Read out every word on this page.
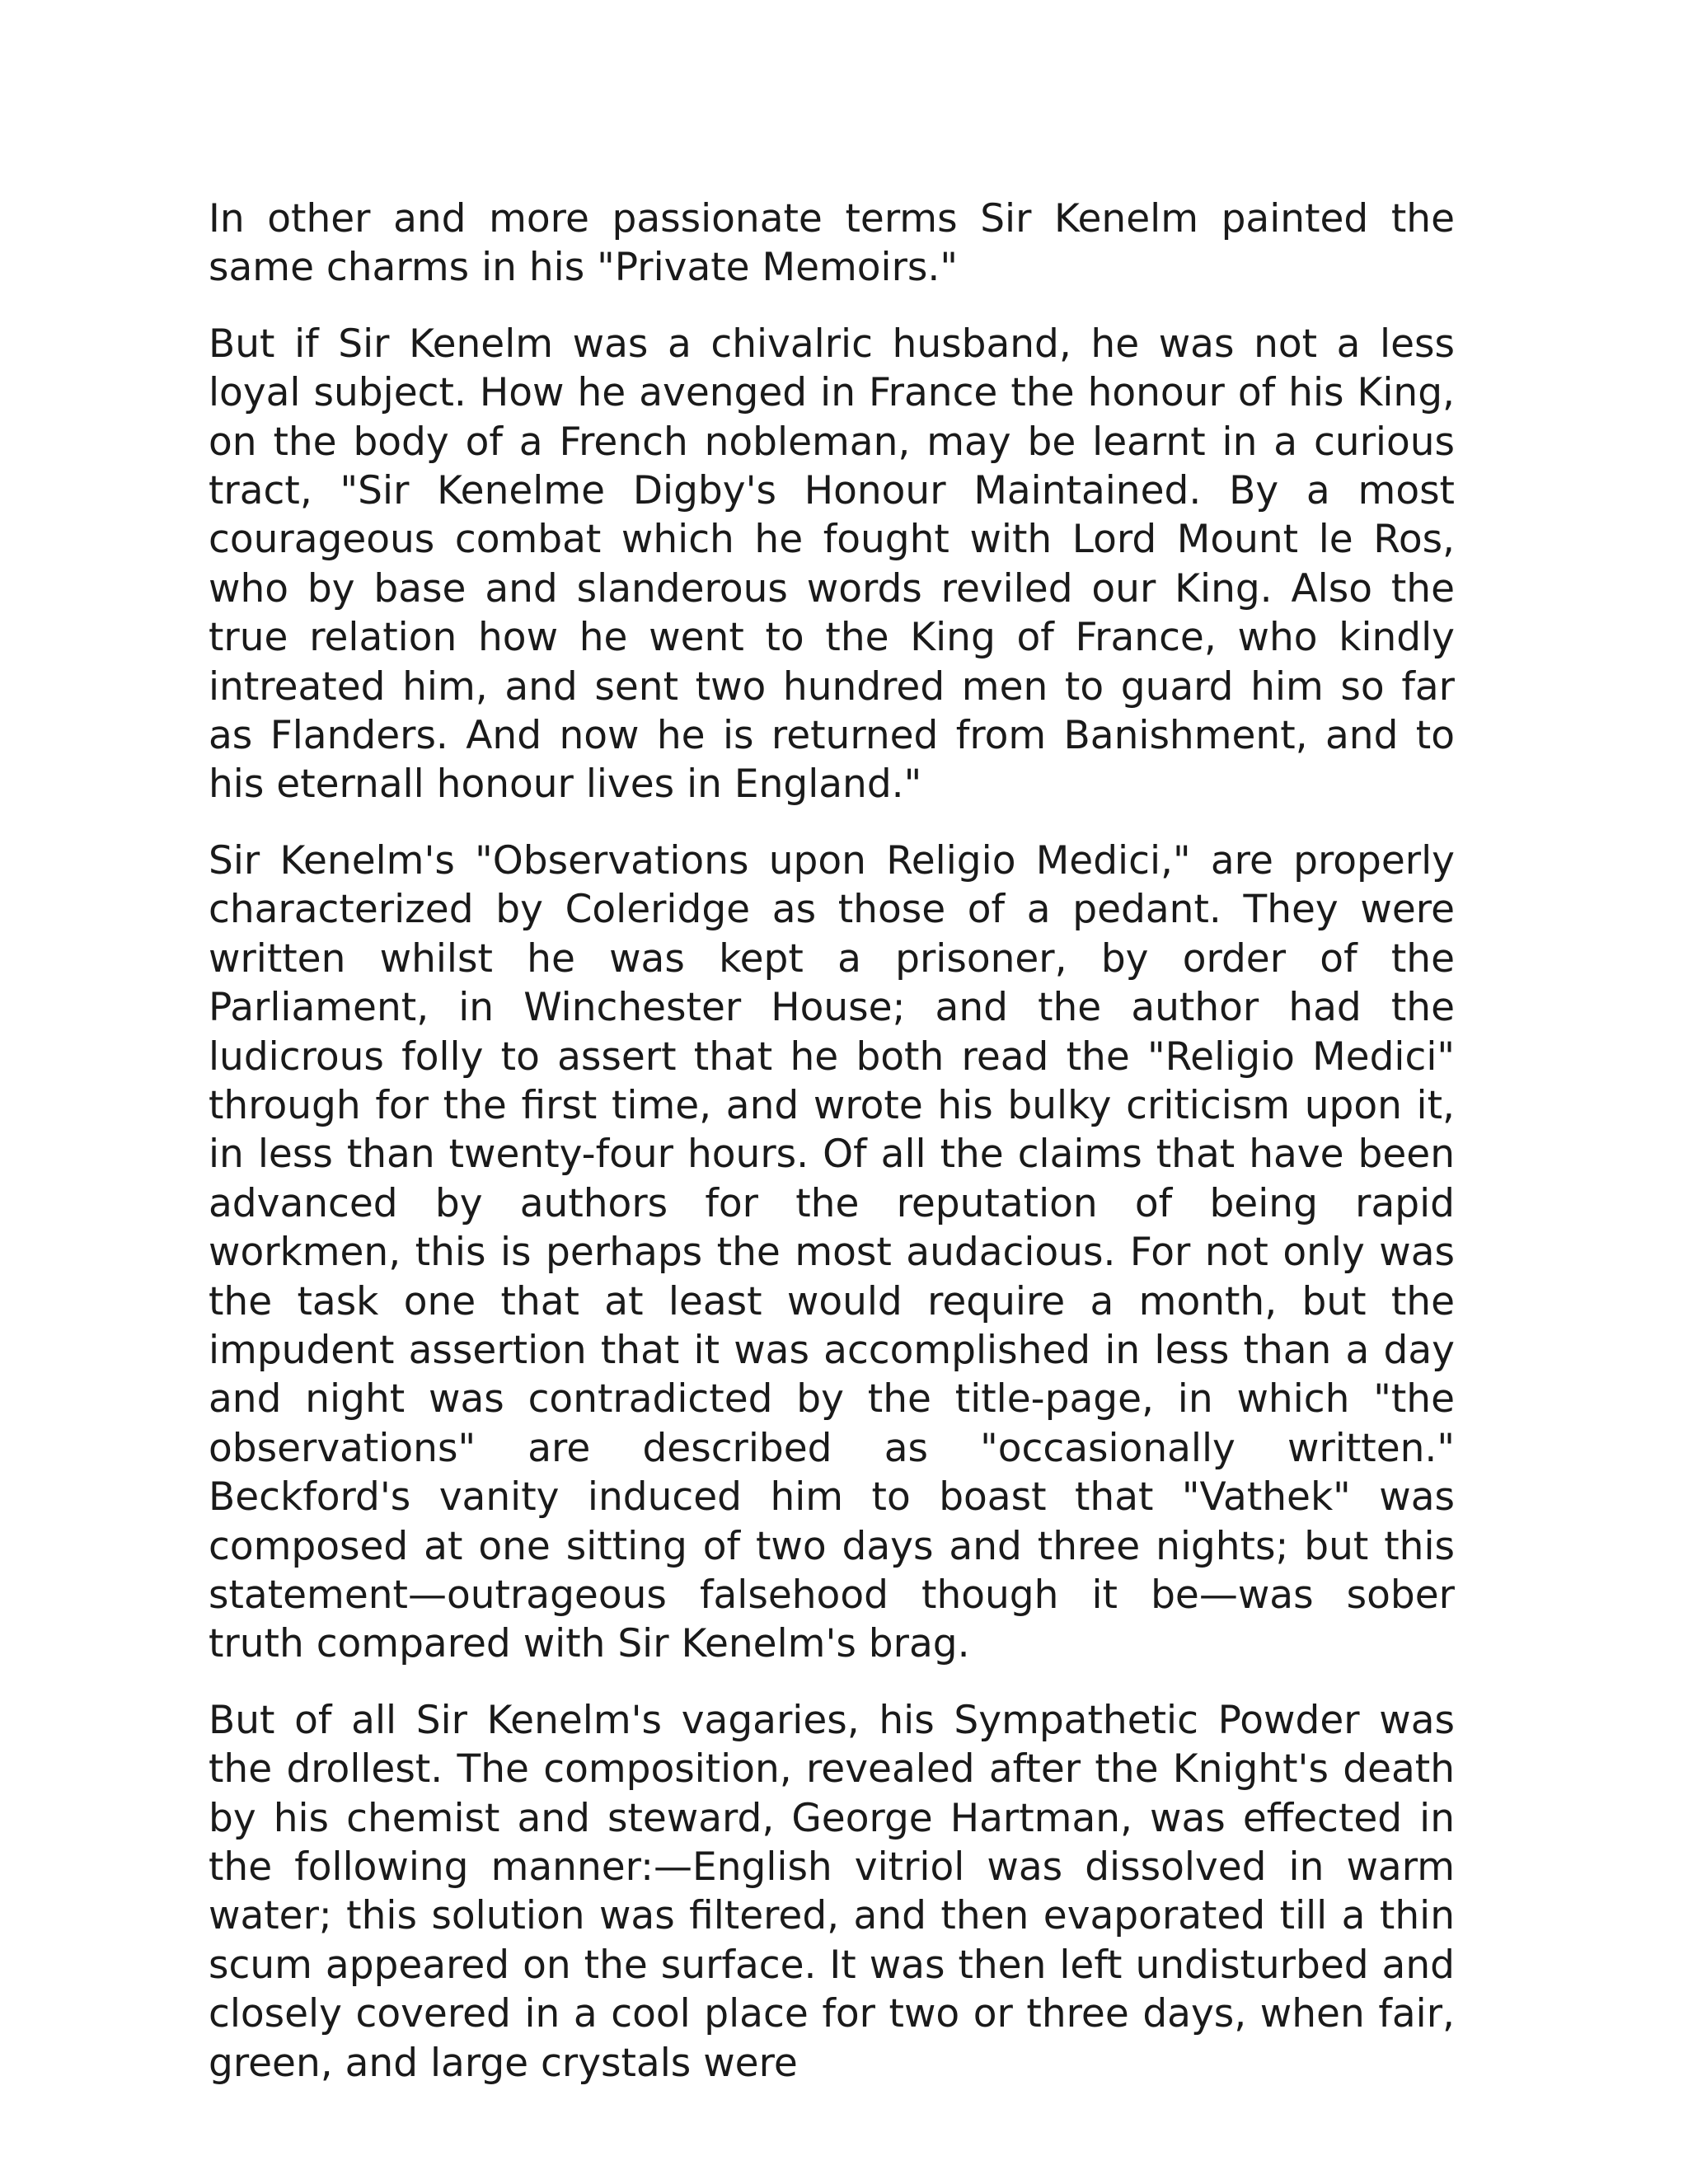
In other and more passionate terms Sir Kenelm painted the same charms in his "Private Memoirs."

But if Sir Kenelm was a chivalric husband, he was not a less loyal subject. How he avenged in France the honour of his King, on the body of a French nobleman, may be learnt in a curious tract, "Sir Kenelme Digby's Honour Maintained. By a most courageous combat which he fought with Lord Mount le Ros, who by base and slanderous words reviled our King. Also the true relation how he went to the King of France, who kindly intreated him, and sent two hundred men to guard him so far as Flanders. And now he is returned from Banishment, and to his eternall honour lives in England."

Sir Kenelm's "Observations upon Religio Medici," are properly characterized by Coleridge as those of a pedant. They were written whilst he was kept a prisoner, by order of the Parliament, in Winchester House; and the author had the ludicrous folly to assert that he both read the "Religio Medici" through for the first time, and wrote his bulky criticism upon it, in less than twenty-four hours. Of all the claims that have been advanced by authors for the reputation of being rapid workmen, this is perhaps the most audacious. For not only was the task one that at least would require a month, but the impudent assertion that it was accomplished in less than a day and night was contradicted by the title-page, in which "the observations" are described as "occasionally written." Beckford's vanity induced him to boast that "Vathek" was composed at one sitting of two days and three nights; but this statement—outrageous falsehood though it be—was sober truth compared with Sir Kenelm's brag.

But of all Sir Kenelm's vagaries, his Sympathetic Powder was the drollest. The composition, revealed after the Knight's death by his chemist and steward, George Hartman, was effected in the following manner:—English vitriol was dissolved in warm water; this solution was filtered, and then evaporated till a thin scum appeared on the surface. It was then left undisturbed and closely covered in a cool place for two or three days, when fair, green, and large crystals were
